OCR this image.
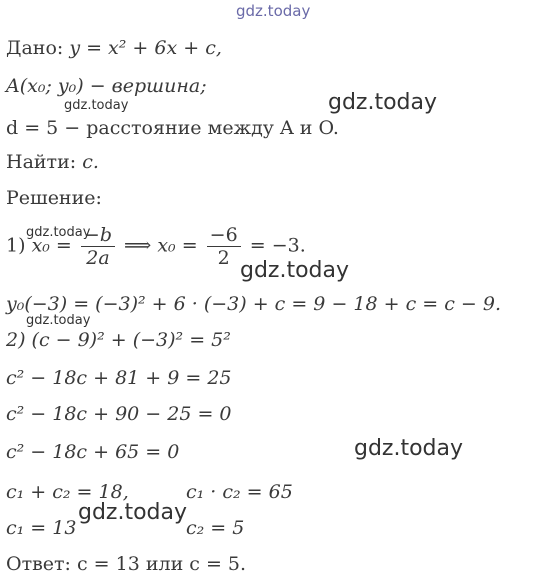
gdz.today
gdz.today	gdz.today
gdz.today
gdz.today
gdz.today
gdz.today
gdz.today
Дано: y = x² + 6x + c,
A(x₀; y₀) − вершина;
d = 5 − расстояние между A и O.
Найти: c.
Решение:
1) $x_0 = \frac{-b}{2a}$ ⟹ $x_0 = \frac{-6}{2} = -3$.
y₀(−3) = (−3)² + 6 · (−3) + c = 9 − 18 + c = c − 9.
2) (c − 9)² + (−3)² = 5²
c² − 18c + 81 + 9 = 25
c² − 18c + 90 − 25 = 0
c² − 18c + 65 = 0
c₁ + c₂ = 18,	c₁ · c₂ = 65
c₁ = 13	c₂ = 5
Ответ: c = 13 или c = 5.
